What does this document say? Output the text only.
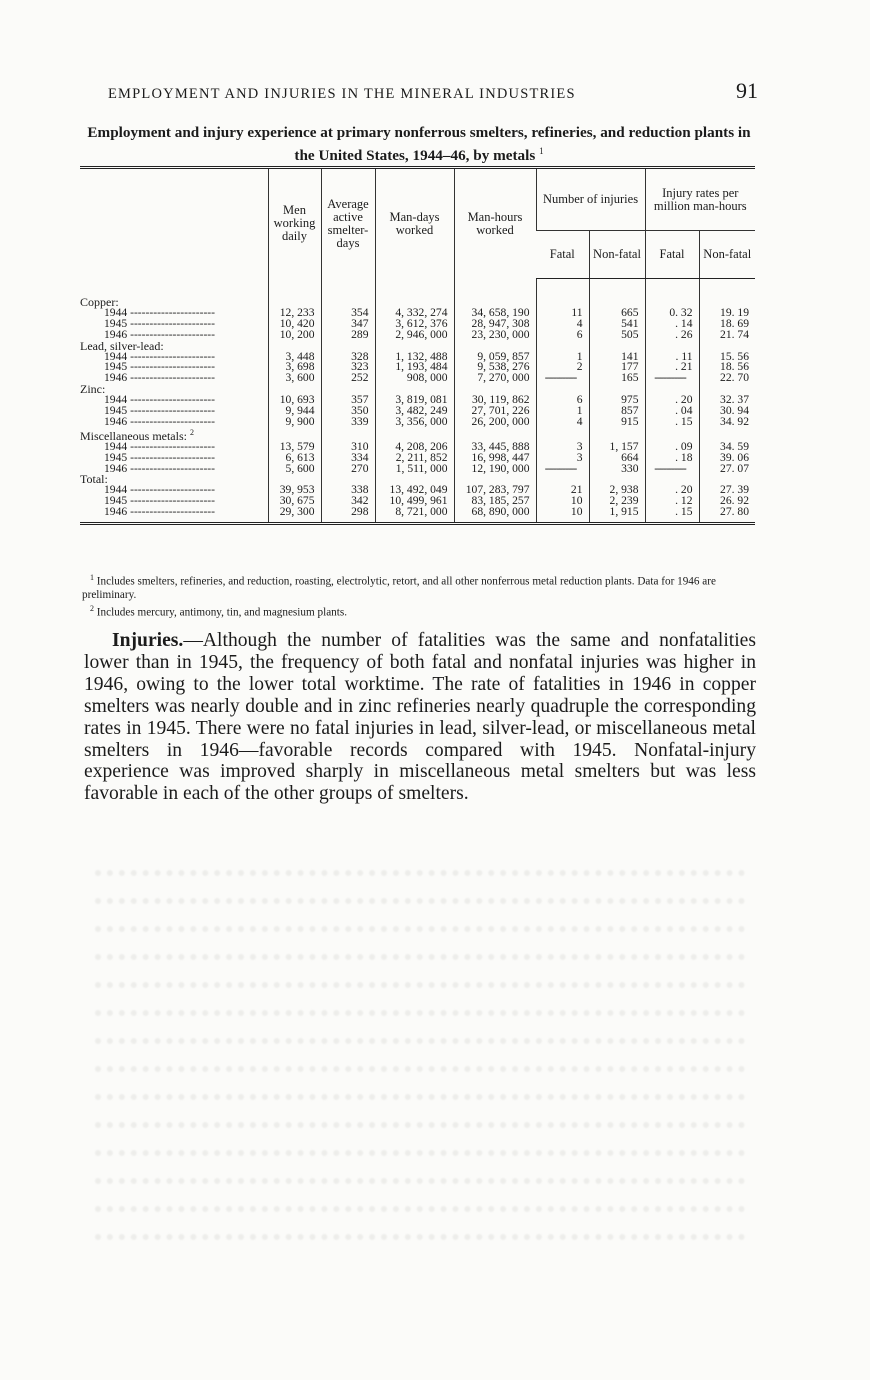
EMPLOYMENT AND INJURIES IN THE MINERAL INDUSTRIES	91
Employment and injury experience at primary nonferrous smelters, refineries, and reduction plants in the United States, 1944–46, by metals $^1$
	Men working daily	Average active smelter-days	Man-days worked	Man-hours worked	Number of injuries		Injury rates per million man-hours	
					Fatal	Non-fatal	Fatal	Non-fatal
Copper:								
1944 ----------------------	12, 233	354	4, 332, 274	34, 658, 190	11	665	0. 32	19. 19
1945 ----------------------	10, 420	347	3, 612, 376	28, 947, 308	4	541	. 14	18. 69
1946 ----------------------	10, 200	289	2, 946, 000	23, 230, 000	6	505	. 26	21. 74
Lead, silver-lead:								
1944 ----------------------	3, 448	328	1, 132, 488	9, 059, 857	1	141	. 11	15. 56
1945 ----------------------	3, 698	323	1, 193, 484	9, 538, 276	2	177	. 21	18. 56
1946 ----------------------	3, 600	252	908, 000	7, 270, 000	-----------	165	-----------	22. 70
Zinc:								
1944 ----------------------	10, 693	357	3, 819, 081	30, 119, 862	6	975	. 20	32. 37
1945 ----------------------	9, 944	350	3, 482, 249	27, 701, 226	1	857	. 04	30. 94
1946 ----------------------	9, 900	339	3, 356, 000	26, 200, 000	4	915	. 15	34. 92
Miscellaneous metals: $^2$								
1944 ----------------------	13, 579	310	4, 208, 206	33, 445, 888	3	1, 157	. 09	34. 59
1945 ----------------------	6, 613	334	2, 211, 852	16, 998, 447	3	664	. 18	39. 06
1946 ----------------------	5, 600	270	1, 511, 000	12, 190, 000	-----------	330	-----------	27. 07
Total:								
1944 ----------------------	39, 953	338	13, 492, 049	107, 283, 797	21	2, 938	. 20	27. 39
1945 ----------------------	30, 675	342	10, 499, 961	83, 185, 257	10	2, 239	. 12	26. 92
1946 ----------------------	29, 300	298	8, 721, 000	68, 890, 000	10	1, 915	. 15	27. 80

$^1$ Includes smelters, refineries, and reduction, roasting, electrolytic, retort, and all other nonferrous metal reduction plants. Data for 1946 are preliminary.

$^2$ Includes mercury, antimony, tin, and magnesium plants.

Injuries.—Although the number of fatalities was the same and nonfatalities lower than in 1945, the frequency of both fatal and nonfatal injuries was higher in 1946, owing to the lower total worktime. The rate of fatalities in 1946 in copper smelters was nearly double and in zinc refineries nearly quadruple the corresponding rates in 1945. There were no fatal injuries in lead, silver-lead, or miscellaneous metal smelters in 1946—favorable records compared with 1945. Nonfatal-injury experience was improved sharply in miscellaneous metal smelters but was less favorable in each of the other groups of smelters.
